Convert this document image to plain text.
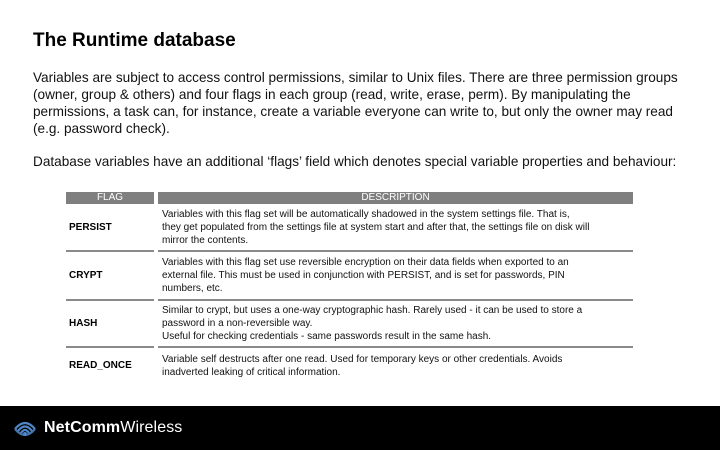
The Runtime database

Variables are subject to access control permissions, similar to Unix files. There are three permission groups (owner, group & others) and four flags in each group (read, write, erase, perm). By manipulating the permissions, a task can, for instance, create a variable everyone can write to, but only the owner may read (e.g. password check).

Database variables have an additional ‘flags’ field which denotes special variable properties and behaviour:

FLAG	DESCRIPTION
PERSIST	Variables with this flag set will be automatically shadowed in the system settings file. That is,
they get populated from the settings file at system start and after that, the settings file on disk will
mirror the contents.

CRYPT	Variables with this flag set use reversible encryption on their data fields when exported to an
external file. This must be used in conjunction with PERSIST, and is set for passwords, PIN
numbers, etc.

HASH	Similar to crypt, but uses a one-way cryptographic hash. Rarely used - it can be used to store a
password in a non-reversible way.
Useful for checking credentials - same passwords result in the same hash.

READ_ONCE	Variable self destructs after one read. Used for temporary keys or other credentials. Avoids
inadverted leaking of critical information.
NetCommWireless
